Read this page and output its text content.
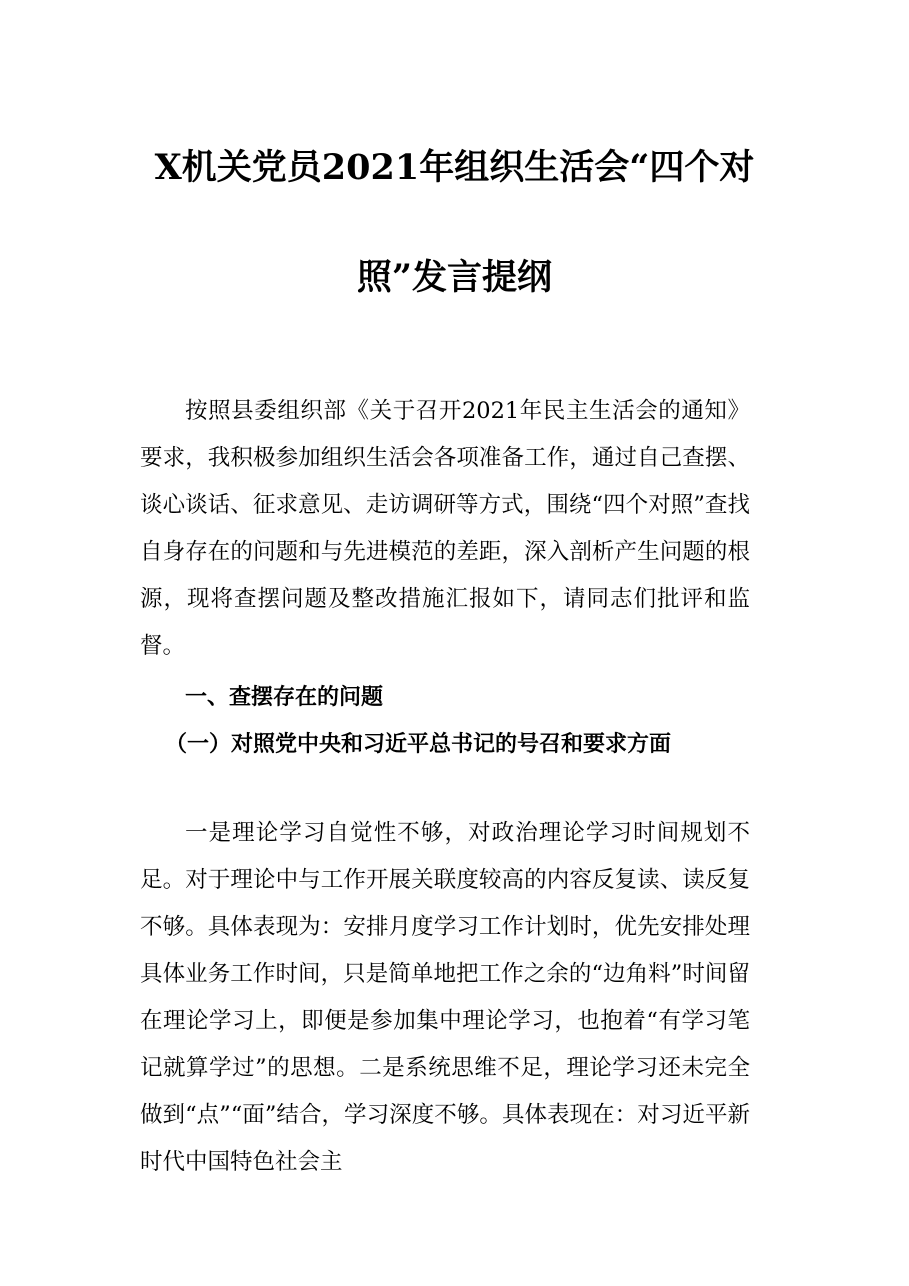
X机关党员2021年组织生活会“四个对
照”发言提纲

按照县委组织部《关于召开2021年民主生活会的通知》要求，我积极参加组织生活会各项准备工作，通过自己查摆、谈心谈话、征求意见、走访调研等方式，围绕“四个对照”查找自身存在的问题和与先进模范的差距，深入剖析产生问题的根源，现将查摆问题及整改措施汇报如下，请同志们批评和监督。

一、查摆存在的问题

（一）对照党中央和习近平总书记的号召和要求方面

一是理论学习自觉性不够，对政治理论学习时间规划不足。对于理论中与工作开展关联度较高的内容反复读、读反复不够。具体表现为：安排月度学习工作计划时，优先安排处理具体业务工作时间，只是简单地把工作之余的“边角料”时间留在理论学习上，即便是参加集中理论学习，也抱着“有学习笔记就算学过”的思想。二是系统思维不足，理论学习还未完全做到“点”“面”结合，学习深度不够。具体表现在：对习近平新时代中国特色社会主
